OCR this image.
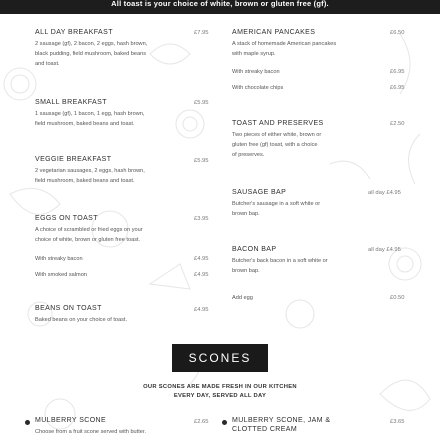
All toast is your choice of white, brown or gluten free (gf).
ALL DAY BREAKFAST
2 sausage (gf), 2 bacon, 2 eggs, hash brown,
black pudding, field mushroom, baked beans
and toast.
£7.95
SMALL BREAKFAST
1 sausage (gf), 1 bacon, 1 egg, hash brown,
field mushroom, baked beans and toast.
£5.95
VEGGIE BREAKFAST
2 vegetarian sausages, 2 eggs, hash brown,
field mushroom, baked beans and toast.
£5.95
EGGS ON TOAST
A choice of scrambled or fried eggs on your
choice of white, brown or gluten free toast.
£3.95
With streaky bacon	£4.95
With smoked salmon	£4.95
BEANS ON TOAST
Baked beans on your choice of toast.
£4.95
AMERICAN PANCAKES
A stack of homemade American pancakes
with maple syrup.
£6.50
With streaky bacon	£6.95
With chocolate chips	£6.95
TOAST AND PRESERVES
Two pieces of either white, brown or
gluten free (gf) toast, with a choice
of preserves.
£2.50
SAUSAGE BAP
Butcher's sausage in a soft white or
brown bap.
all day £4.95
BACON BAP
Butcher's back bacon in a soft white or
brown bap.
all day £4.95
Add egg	£0.50
SCONES
OUR SCONES ARE MADE FRESH IN OUR KITCHEN
EVERY DAY, SERVED ALL DAY
MULBERRY SCONE
Choose from a fruit scone served with butter.
£2.65	MULBERRY SCONE, JAM &
CLOTTED CREAM
£3.65
